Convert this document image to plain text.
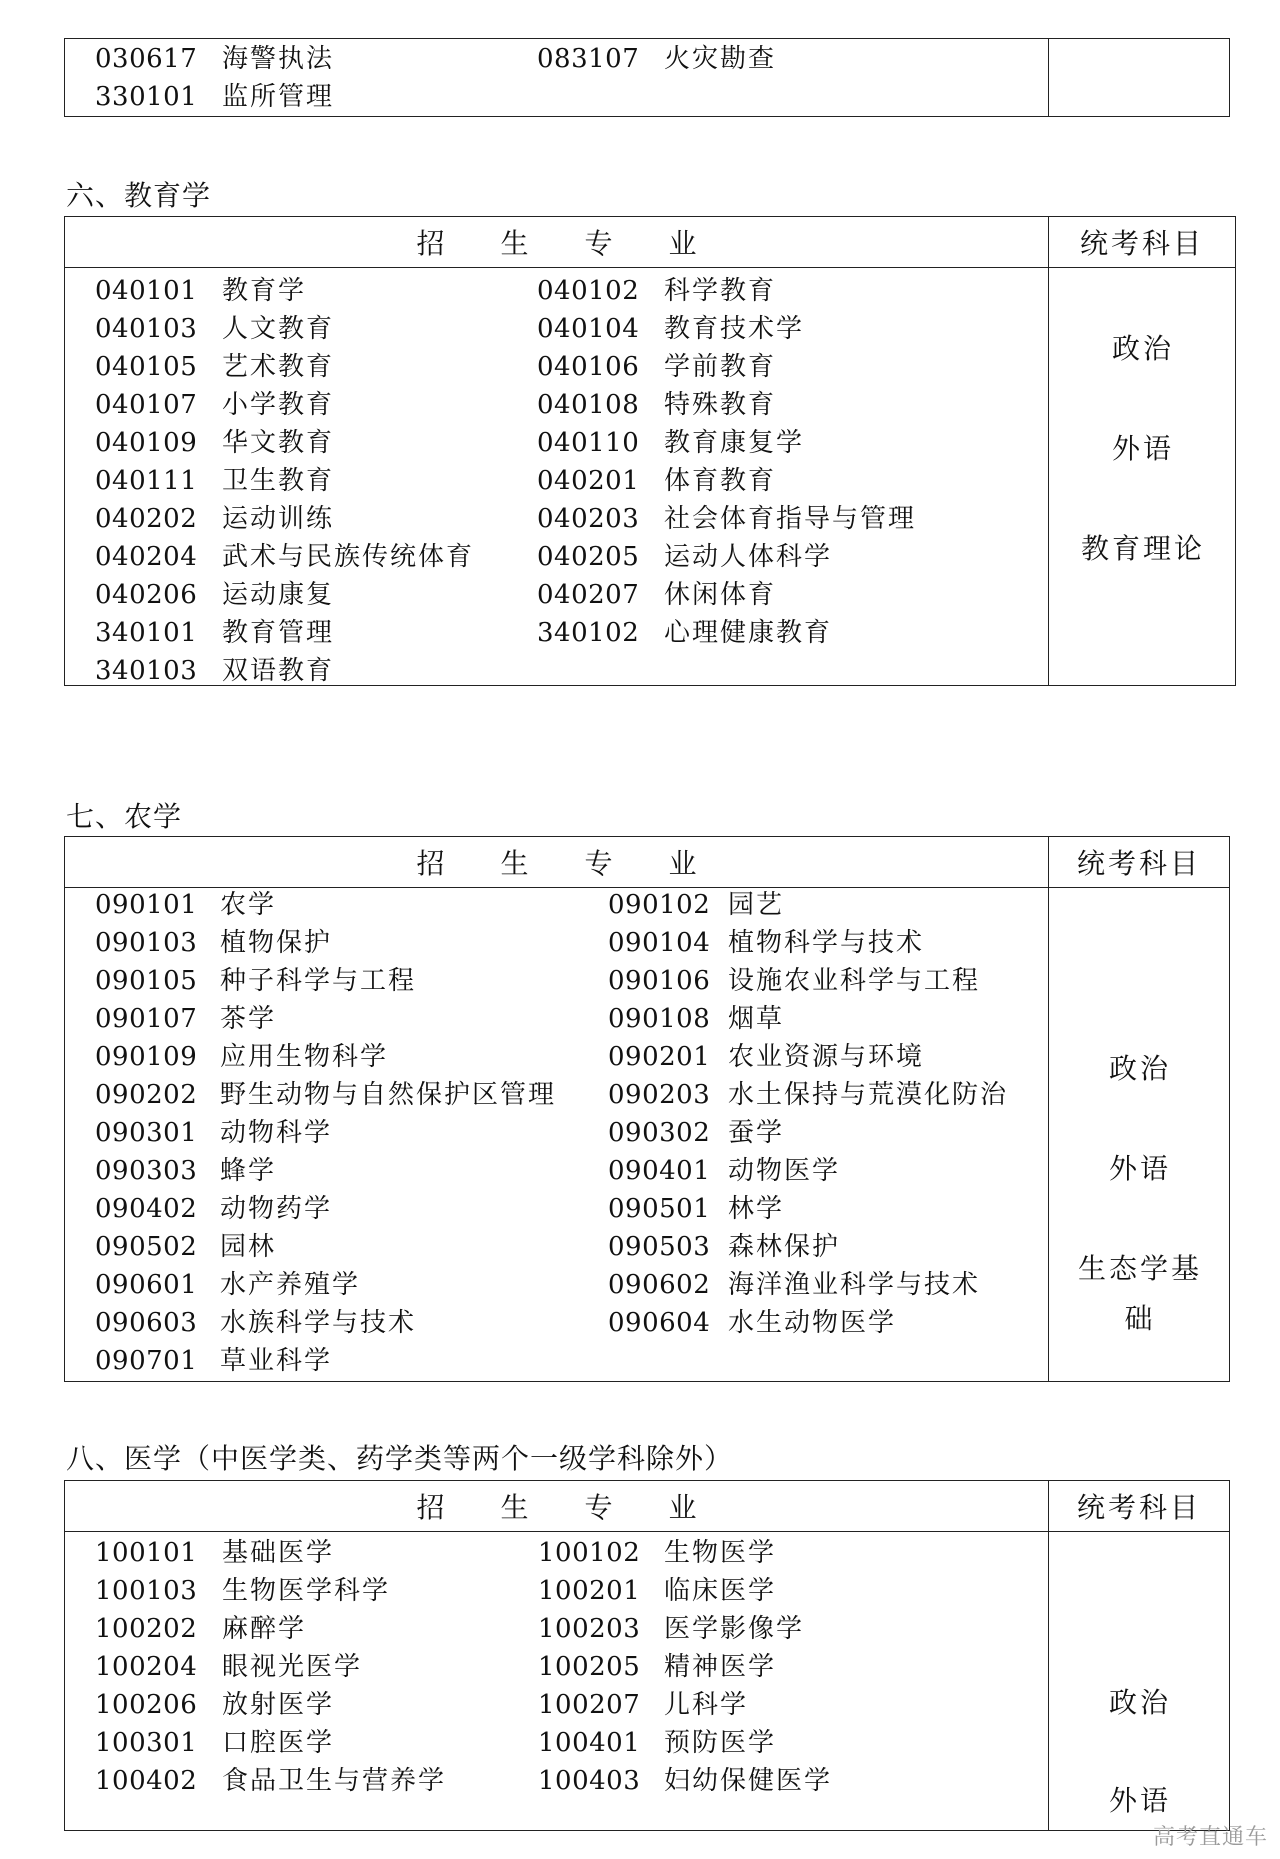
030617 海警执法	083107 火灾勘查
330101 监所管理
六、教育学
招生专业	统考科目
040101 教育学	040102 科学教育
040103 人文教育	040104 教育技术学
040105 艺术教育	040106 学前教育
040107 小学教育	040108 特殊教育
040109 华文教育	040110 教育康复学
040111 卫生教育	040201 体育教育
040202 运动训练	040203 社会体育指导与管理
040204 武术与民族传统体育 040205 运动人体科学
040206 运动康复	040207 休闲体育
340101 教育管理	340102 心理健康教育
340103 双语教育
政治
外语
教育理论
七、农学
招生专业	统考科目
090101 农学	090102 园艺
090103 植物保护	090104 植物科学与技术
090105 种子科学与工程	090106 设施农业科学与工程
090107 茶学	090108 烟草
090109 应用生物科学	090201 农业资源与环境
090202 野生动物与自然保护区管理 090203 水土保持与荒漠化防治
090301 动物科学	090302 蚕学
090303 蜂学	090401 动物医学
090402 动物药学	090501 林学
090502 园林	090503 森林保护
090601 水产养殖学	090602 海洋渔业科学与技术
090603 水族科学与技术	090604 水生动物医学
090701 草业科学
政治
外语
生态学基
础
八、医学（中医学类、药学类等两个一级学科除外）
招生专业	统考科目
100101 基础医学	100102 生物医学
100103 生物医学科学	100201 临床医学
100202 麻醉学	100203 医学影像学
100204 眼视光医学	100205 精神医学
100206 放射医学	100207 儿科学
100301 口腔医学	100401 预防医学
100402 食品卫生与营养学	100403 妇幼保健医学
政治
外语
高考直通车
